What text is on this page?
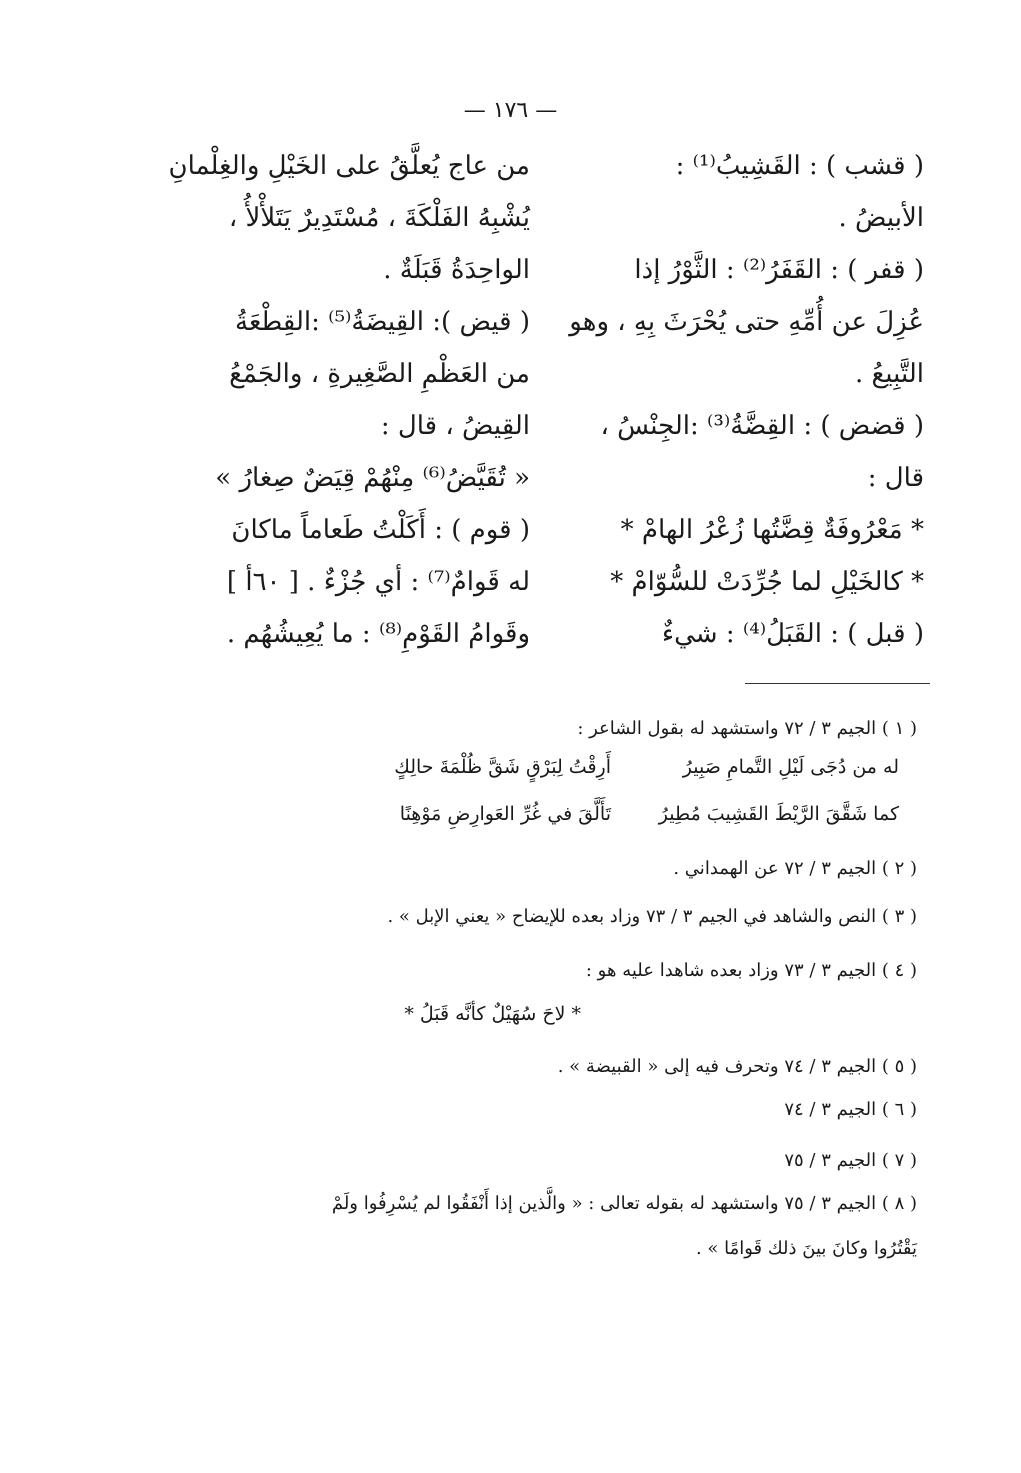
— ١٧٦ —
( قشب ) : القَشِيبُ⁽¹⁾ :
الأبيضُ .
( قفر ) : القَفَرُ⁽²⁾ : الثَّوْرُ إذا
عُزِلَ عن أُمِّهِ حتى يُحْرَثَ بِهِ ، وهو
التَّبِيعُ .
( قضض ) : القِضَّةُ⁽³⁾ :الجِنْسُ ،
قال :
* مَعْرُوفَةٌ قِضَّتُها زُعْرُ الهامْ *
* كالخَيْلِ لما جُرِّدَتْ للسُّوّامْ *
( قبل ) : القَبَلُ⁽⁴⁾ : شيءٌ
من عاج يُعلَّقُ على الخَيْلِ والغِلْمانِ
يُشْبِهُ الفَلْكَةَ ، مُسْتَدِيرٌ يَتَلأْلأُ ،
الواحِدَةُ قَبَلَةٌ .
( قيض ): القِيضَةُ⁽⁵⁾ :القِطْعَةُ
من العَظْمِ الصَّغِيرةِ ، والجَمْعُ
القِيضُ ، قال :
« تُقَيَّضُ⁽⁶⁾ مِنْهُمْ قِيَضٌ صِغارُ »
( قوم ) : أَكَلْتُ طَعاماً ماكانَ
له قَوامٌ⁽⁷⁾ : أي جُزْءٌ . [ ٦٠أ ]
وقَوامُ القَوْمِ⁽⁸⁾ : ما يُعِيشُهُم .
( ١ ) الجيم ٣ / ٧٢ واستشهد له بقول الشاعر :
أَرِقْتُ لِبَرْقٍ شَقَّ ظُلْمَةَ حالِكٍ	له من دُجَى لَيْلِ التَّمامِ صَبِيرُ
تَأَلَّقَ في غُرِّ العَوارِضِ مَوْهِنًا	كما شَقَّقَ الرَّيْطَ القَشِيبَ مُطِيرُ
( ٢ ) الجيم ٣ / ٧٢ عن الهمداني .
( ٣ ) النص والشاهد في الجيم ٣ / ٧٣ وزاد بعده للإيضاح « يعني الإبل » .
( ٤ ) الجيم ٣ / ٧٣ وزاد بعده شاهدا عليه هو :
* لاحَ سُهَيْلٌ كأنَّه قَبَلُ *
( ٥ ) الجيم ٣ / ٧٤ وتحرف فيه إلى « القبيضة » .
( ٦ ) الجيم ٣ / ٧٤
( ٧ ) الجيم ٣ / ٧٥
( ٨ ) الجيم ٣ / ٧٥ واستشهد له بقوله تعالى : « والَّذين إذا أَنْفَقُوا لم يُسْرِفُوا ولَمْ
يَقْتُرُوا وكانَ بينَ ذلك قَوامًا » .
